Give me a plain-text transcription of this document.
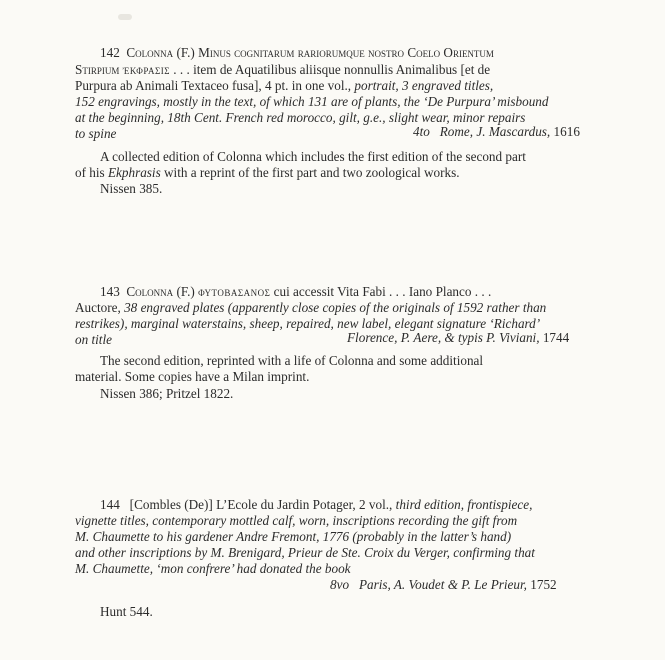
142 Colonna (F.) Minus cognitarum rariorumque nostro Coelo Orientum
Stirpium ἐκφρασις . . . item de Aquatilibus aliisque nonnullis Animalibus [et de
Purpura ab Animali Textaceo fusa], 4 pt. in one vol., portrait, 3 engraved titles,
152 engravings, mostly in the text, of which 131 are of plants, the ‘De Purpura’ misbound
at the beginning, 18th Cent. French red morocco, gilt, g.e., slight wear, minor repairs
to spine	4to Rome, J. Mascardus, 1616
A collected edition of Colonna which includes the first edition of the second part
of his Ekphrasis with a reprint of the first part and two zoological works.
Nissen 385.
143 Colonna (F.) φυτοβασανος cui accessit Vita Fabi . . . Iano Planco . . .
Auctore, 38 engraved plates (apparently close copies of the originals of 1592 rather than
restrikes), marginal waterstains, sheep, repaired, new label, elegant signature ‘Richard’
on title	Florence, P. Aere, & typis P. Viviani, 1744
The second edition, reprinted with a life of Colonna and some additional
material. Some copies have a Milan imprint.
Nissen 386; Pritzel 1822.
144 [Combles (De)] L’Ecole du Jardin Potager, 2 vol., third edition, frontispiece,
vignette titles, contemporary mottled calf, worn, inscriptions recording the gift from
M. Chaumette to his gardener Andre Fremont, 1776 (probably in the latter’s hand)
and other inscriptions by M. Brenigard, Prieur de Ste. Croix du Verger, confirming that
M. Chaumette, ‘mon confrere’ had donated the book
8vo Paris, A. Voudet & P. Le Prieur, 1752
Hunt 544.
